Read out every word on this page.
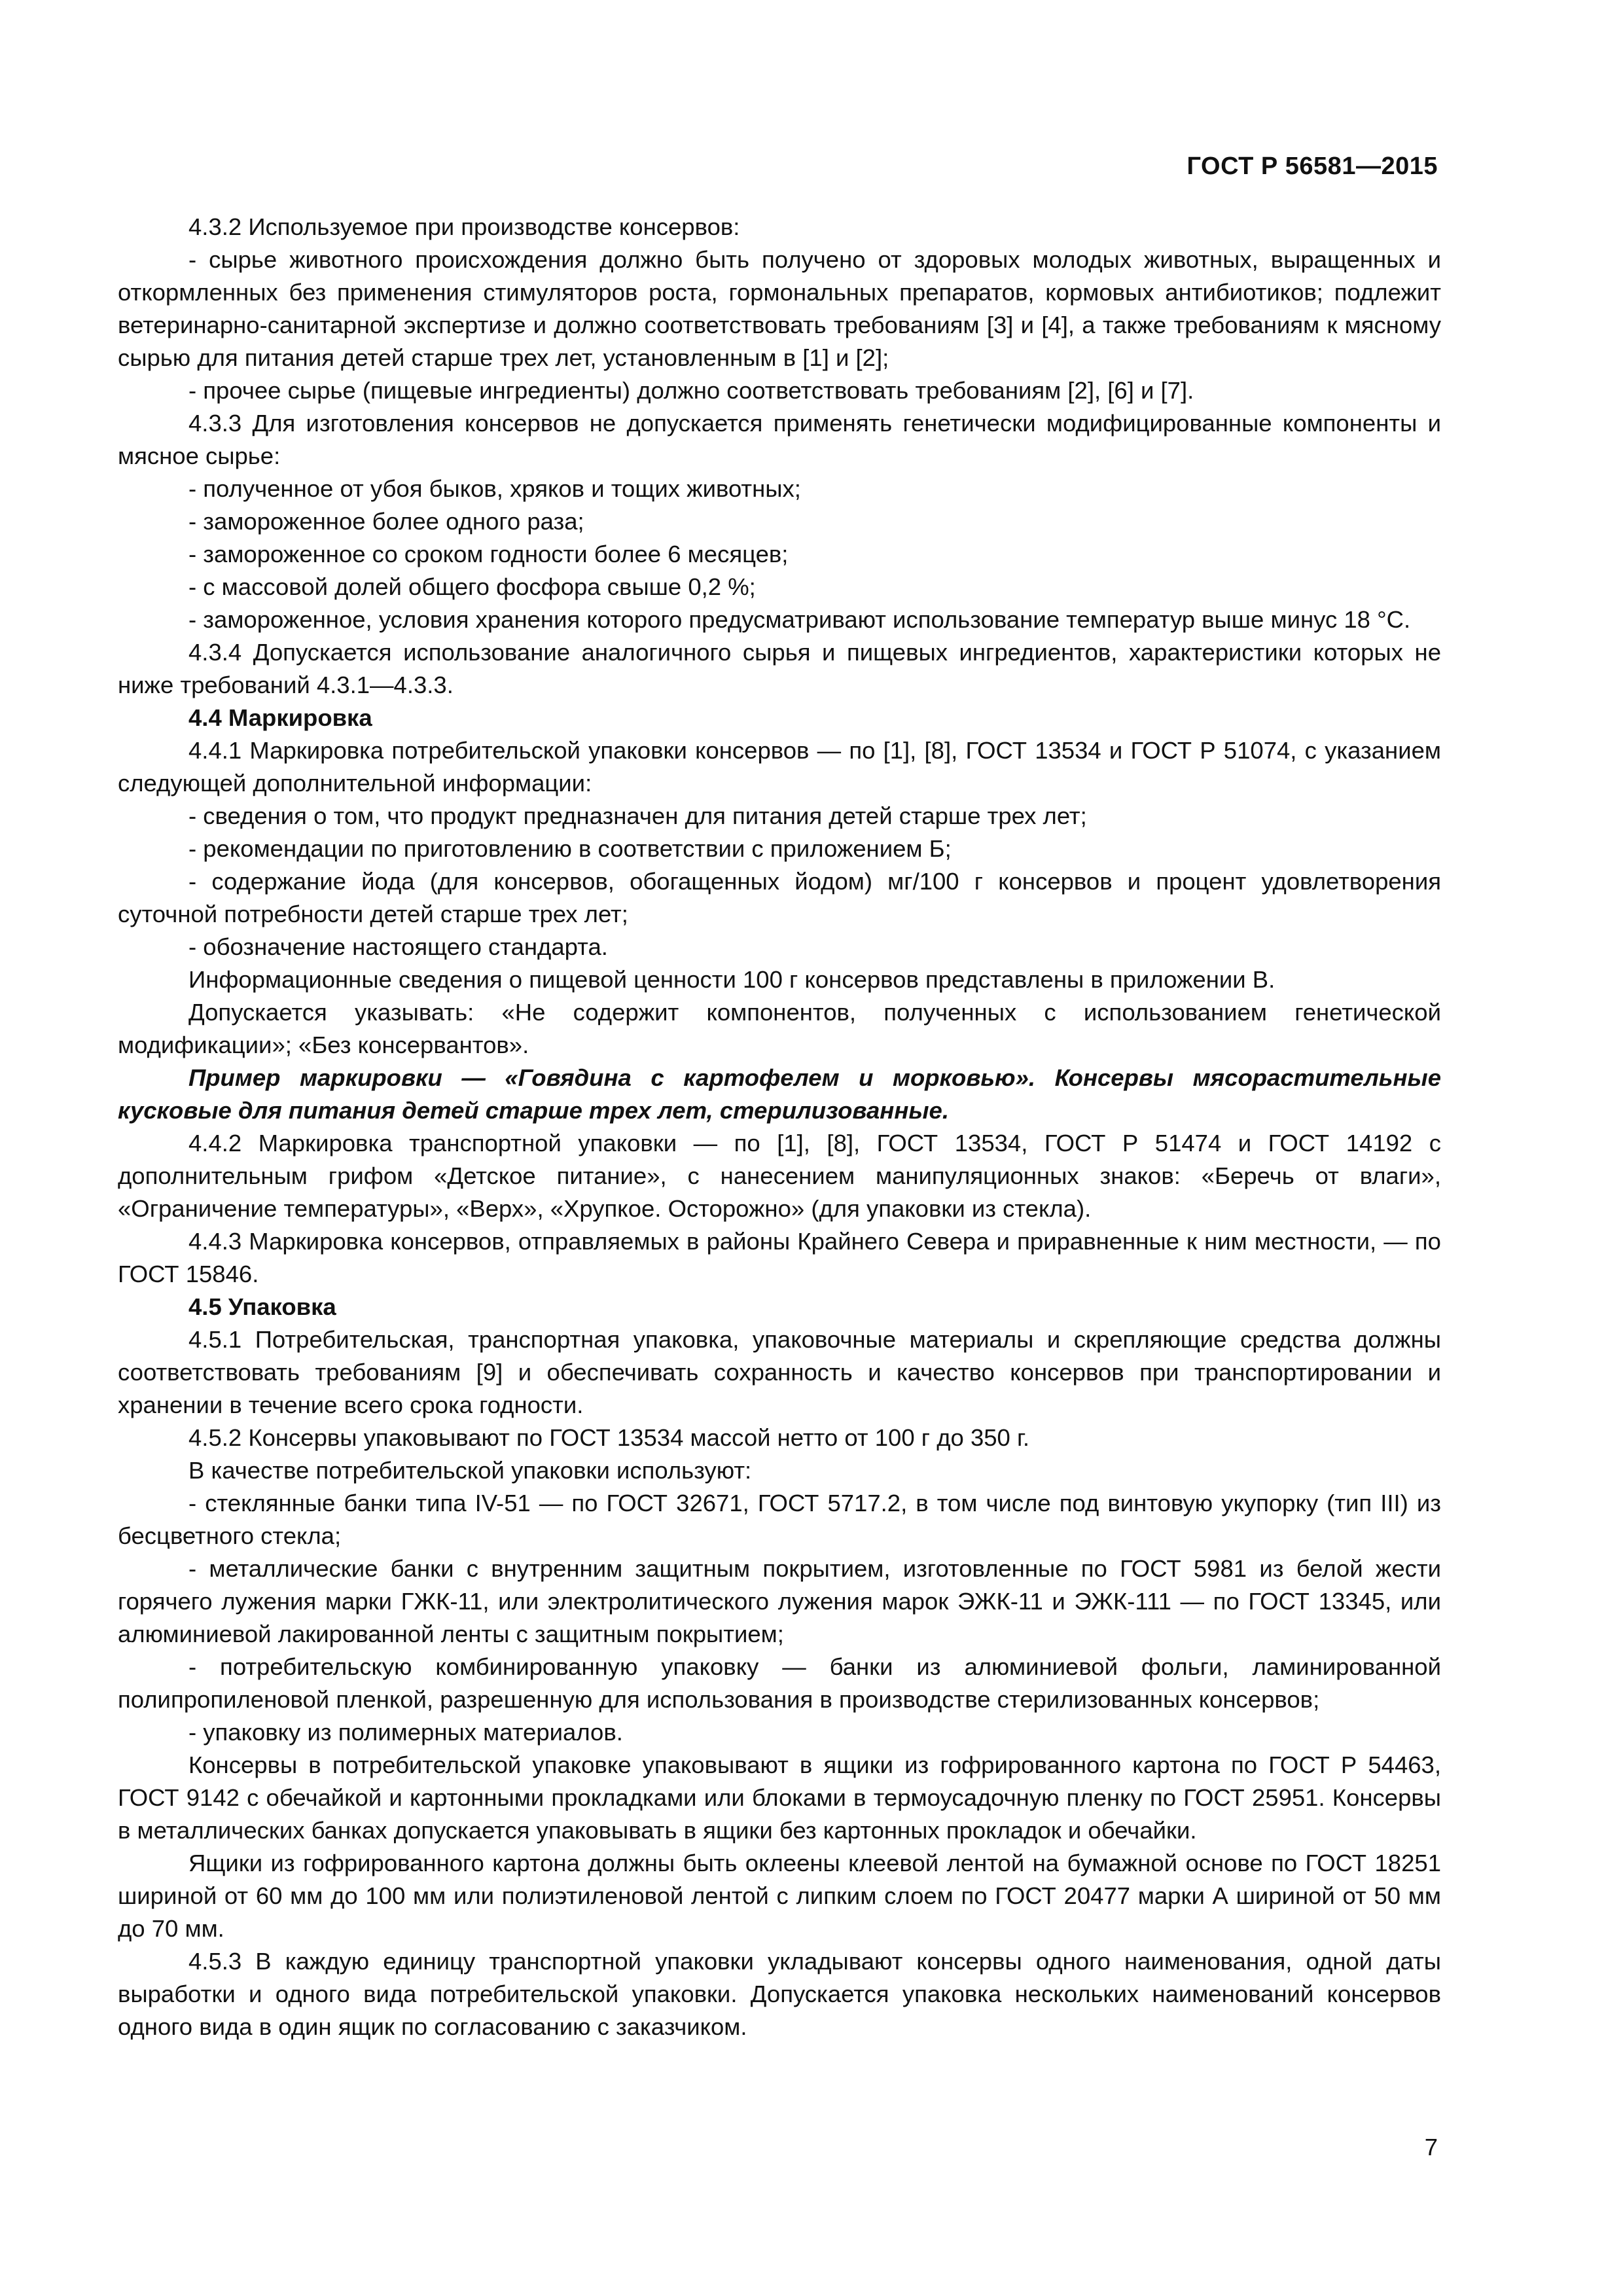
ГОСТ Р 56581—2015

4.3.2 Используемое при производстве консервов:

- сырье животного происхождения должно быть получено от здоровых молодых животных, выращенных и откормленных без применения стимуляторов роста, гормональных препаратов, кормовых антибиотиков; подлежит ветеринарно-санитарной экспертизе и должно соответствовать требованиям [3] и [4], а также требованиям к мясному сырью для питания детей старше трех лет, установленным в [1] и [2];

- прочее сырье (пищевые ингредиенты) должно соответствовать требованиям [2], [6] и [7].

4.3.3 Для изготовления консервов не допускается применять генетически модифицированные компоненты и мясное сырье:

- полученное от убоя быков, хряков и тощих животных;

- замороженное более одного раза;

- замороженное со сроком годности более 6 месяцев;

- с массовой долей общего фосфора свыше 0,2 %;

- замороженное, условия хранения которого предусматривают использование температур выше минус 18 °С.

4.3.4 Допускается использование аналогичного сырья и пищевых ингредиентов, характеристики которых не ниже требований 4.3.1—4.3.3.

4.4 Маркировка

4.4.1 Маркировка потребительской упаковки консервов — по [1], [8], ГОСТ 13534 и ГОСТ Р 51074, с указанием следующей дополнительной информации:

- сведения о том, что продукт предназначен для питания детей старше трех лет;

- рекомендации по приготовлению в соответствии с приложением Б;

- содержание йода (для консервов, обогащенных йодом) мг/100 г консервов и процент удовлетворения суточной потребности детей старше трех лет;

- обозначение настоящего стандарта.

Информационные сведения о пищевой ценности 100 г консервов представлены в приложении В.

Допускается указывать: «Не содержит компонентов, полученных с использованием генетической модификации»; «Без консервантов».

Пример маркировки — «Говядина с картофелем и морковью». Консервы мясорастительные кусковые для питания детей старше трех лет, стерилизованные.

4.4.2 Маркировка транспортной упаковки — по [1], [8], ГОСТ 13534, ГОСТ Р 51474 и ГОСТ 14192 с дополнительным грифом «Детское питание», с нанесением манипуляционных знаков: «Беречь от влаги», «Ограничение температуры», «Верх», «Хрупкое. Осторожно» (для упаковки из стекла).

4.4.3 Маркировка консервов, отправляемых в районы Крайнего Севера и приравненные к ним местности, — по ГОСТ 15846.

4.5 Упаковка

4.5.1 Потребительская, транспортная упаковка, упаковочные материалы и скрепляющие средства должны соответствовать требованиям [9] и обеспечивать сохранность и качество консервов при транспортировании и хранении в течение всего срока годности.

4.5.2 Консервы упаковывают по ГОСТ 13534 массой нетто от 100 г до 350 г.

В качестве потребительской упаковки используют:

- стеклянные банки типа IV-51 — по ГОСТ 32671, ГОСТ 5717.2, в том числе под винтовую укупорку (тип III) из бесцветного стекла;

- металлические банки с внутренним защитным покрытием, изготовленные по ГОСТ 5981 из белой жести горячего лужения марки ГЖК-11, или электролитического лужения марок ЭЖК-11 и ЭЖК-111 — по ГОСТ 13345, или алюминиевой лакированной ленты с защитным покрытием;

- потребительскую комбинированную упаковку — банки из алюминиевой фольги, ламинированной полипропиленовой пленкой, разрешенную для использования в производстве стерилизованных консервов;

- упаковку из полимерных материалов.

Консервы в потребительской упаковке упаковывают в ящики из гофрированного картона по ГОСТ Р 54463, ГОСТ 9142 с обечайкой и картонными прокладками или блоками в термоусадочную пленку по ГОСТ 25951. Консервы в металлических банках допускается упаковывать в ящики без картонных прокладок и обечайки.

Ящики из гофрированного картона должны быть оклеены клеевой лентой на бумажной основе по ГОСТ 18251 шириной от 60 мм до 100 мм или полиэтиленовой лентой с липким слоем по ГОСТ 20477 марки А шириной от 50 мм до 70 мм.

4.5.3 В каждую единицу транспортной упаковки укладывают консервы одного наименования, одной даты выработки и одного вида потребительской упаковки. Допускается упаковка нескольких наименований консервов одного вида в один ящик по согласованию с заказчиком.

7
